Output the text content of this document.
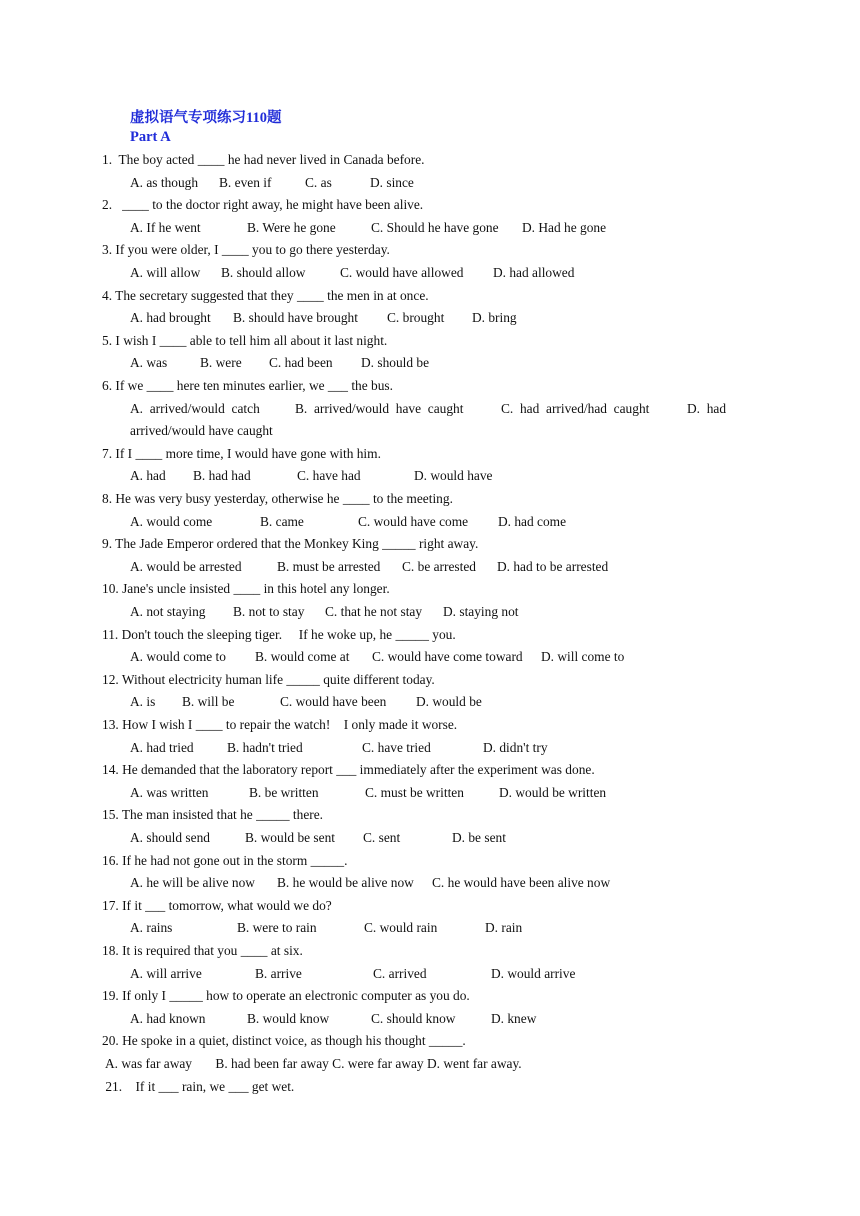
虚拟语气专项练习110题
Part A
1.  The boy acted ____ he had never lived in Canada before.
A. as though B. even if	C. as	D. since
2.   ____ to the doctor right away, he might have been alive.
A. If he went	B. Were he gone	C. Should he have gone D. Had he gone
3. If you were older, I ____ you to go there yesterday.
A. will allow B. should allow	C. would have allowed D. had allowed
4. The secretary suggested that they ____ the men in at once.
A. had brought B. should have brought C. brought D. bring
5. I wish I ____ able to tell him all about it last night.
A. was B. were C. had been D. should be
6. If we ____ here ten minutes earlier, we ___ the bus.
A.  arrived/would  catch	B.  arrived/would  have  caught	C.  had  arrived/had  caught	D.  had
arrived/would have caught
7. If I ____ more time, I would have gone with him.
A. had B. had had	C. have had	D. would have
8. He was very busy yesterday, otherwise he ____ to the meeting.
A. would come	B. came	C. would have come D. had come
9. The Jade Emperor ordered that the Monkey King _____ right away.
A. would be arrested	B. must be arrested C. be arrested D. had to be arrested
10. Jane's uncle insisted ____ in this hotel any longer.
A. not staying B. not to stay C. that he not stay D. staying not
11. Don't touch the sleeping tiger.     If he woke up, he _____ you.
A. would come to B. would come at C. would have come toward D. will come to
12. Without electricity human life _____ quite different today.
A. is B. will be	C. would have been D. would be
13. How I wish I ____ to repair the watch!    I only made it worse.
A. had tried B. hadn't tried	C. have tried	D. didn't try
14. He demanded that the laboratory report ___ immediately after the experiment was done.
A. was written	B. be written	C. must be written	D. would be written
15. The man insisted that he _____ there.
A. should send	B. would be sent C. sent	D. be sent
16. If he had not gone out in the storm _____.
A. he will be alive now B. he would be alive now C. he would have been alive now
17. If it ___ tomorrow, what would we do?
A. rains	B. were to rain	C. would rain	D. rain
18. It is required that you ____ at six.
A. will arrive	B. arrive	C. arrived	D. would arrive
19. If only I _____ how to operate an electronic computer as you do.
A. had known	B. would know	C. should know	D. knew
20. He spoke in a quiet, distinct voice, as though his thought _____.
A. was far away       B. had been far away C. were far away D. went far away.
21.    If it ___ rain, we ___ get wet.
